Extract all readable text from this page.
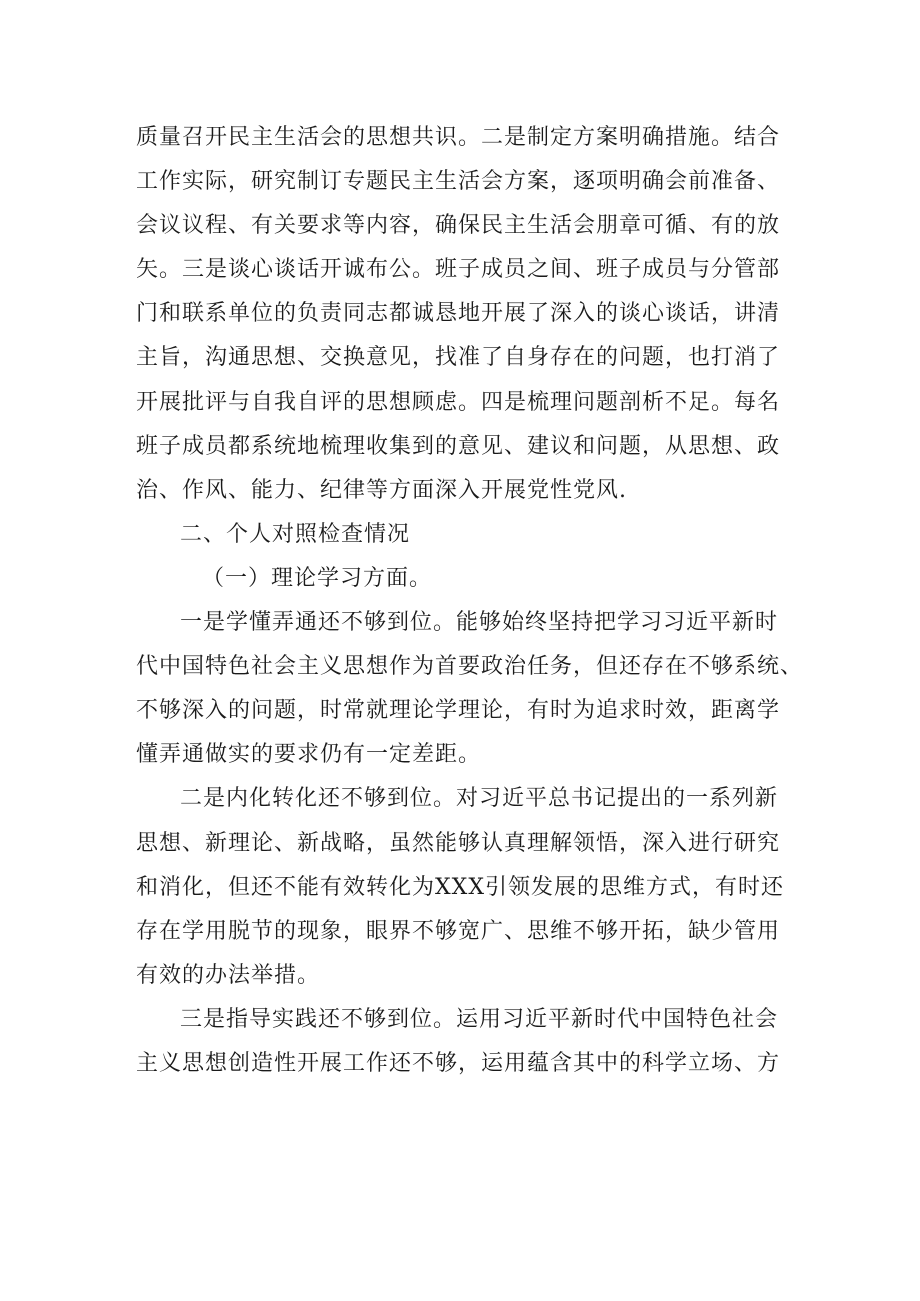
质量召开民主生活会的思想共识。二是制定方案明确措施。结合
工作实际，研究制订专题民主生活会方案，逐项明确会前准备、
会议议程、有关要求等内容，确保民主生活会朋章可循、有的放
矢。三是谈心谈话开诚布公。班子成员之间、班子成员与分管部
门和联系单位的负责同志都诚恳地开展了深入的谈心谈话，讲清
主旨，沟通思想、交换意见，找准了自身存在的问题，也打消了
开展批评与自我自评的思想顾虑。四是梳理问题剖析不足。每名
班子成员都系统地梳理收集到的意见、建议和问题，从思想、政
治、作风、能力、纪律等方面深入开展党性党风.
二、个人对照检查情况
（一）理论学习方面。
一是学懂弄通还不够到位。能够始终坚持把学习习近平新时
代中国特色社会主义思想作为首要政治任务，但还存在不够系统、
不够深入的问题，时常就理论学理论，有时为追求时效，距离学
懂弄通做实的要求仍有一定差距。
二是内化转化还不够到位。对习近平总书记提出的一系列新
思想、新理论、新战略，虽然能够认真理解领悟，深入进行研究
和消化，但还不能有效转化为XXX引领发展的思维方式，有时还
存在学用脱节的现象，眼界不够宽广、思维不够开拓，缺少管用
有效的办法举措。
三是指导实践还不够到位。运用习近平新时代中国特色社会
主义思想创造性开展工作还不够，运用蕴含其中的科学立场、方
